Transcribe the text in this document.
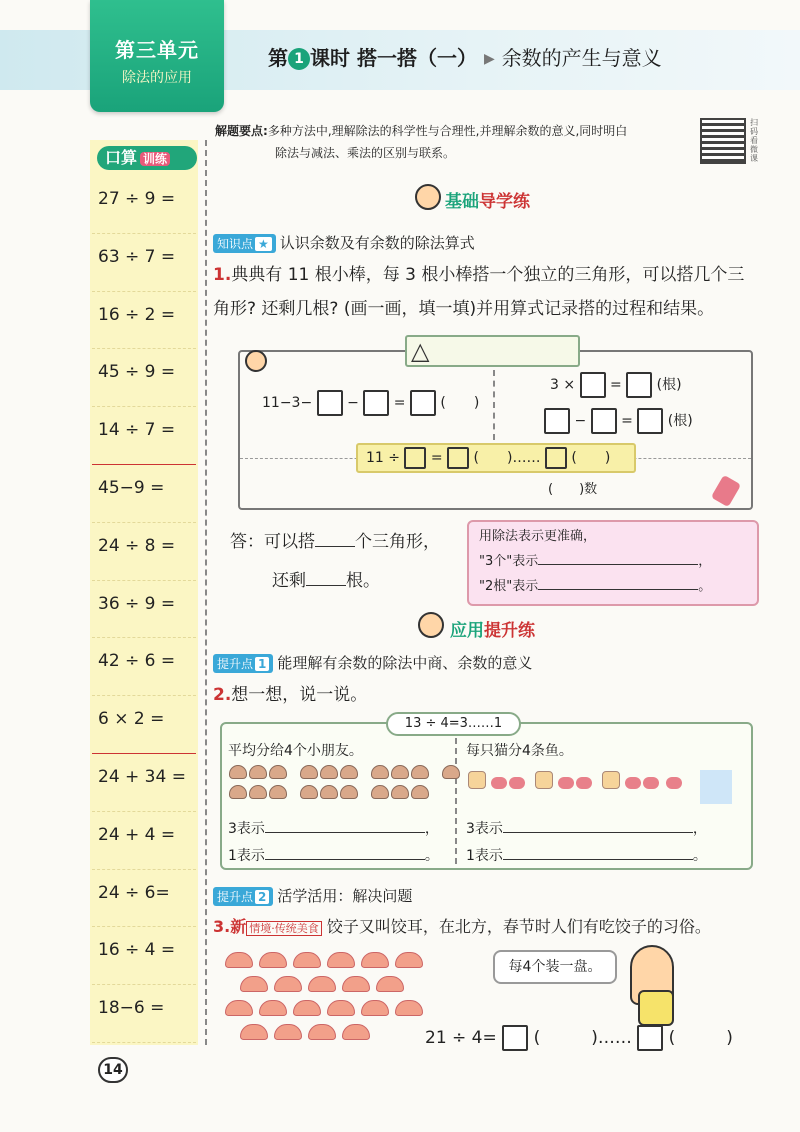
第三单元
除法的应用
第 1 课时 搭一搭（一） ▶ 余数的产生与意义
解题要点:多种方法中,理解除法的科学性与合理性,并理解余数的意义,同时明白
除法与减法、乘法的区别与联系。
扫码看微课
口算 训练
27 ÷ 9 =
63 ÷ 7 =
16 ÷ 2 =
45 ÷ 9 =
14 ÷ 7 =
45−9 =
24 ÷ 8 =
36 ÷ 9 =
42 ÷ 6 =
6 × 2 =
24 + 34 =
24 + 4 =
24 ÷ 6=
16 ÷ 4 =
18−6 =
基础导学练
知识点 ★ 认识余数及有余数的除法算式
1.典典有 11 根小棒，每 3 根小棒搭一个独立的三角形，可以搭几个三
角形? 还剩几根? (画一画，填一填)并用算式记录搭的过程和结果。
△
11−3− − = (　　)
3 × = (根)
− = (根)
11 ÷ = (　　)…… (　　)
(　　)数
答：可以搭 个三角形，
还剩 根。
用除法表示更准确，
"3个"表示	，
"2根"表示	。
应用提升练
提升点 1 能理解有余数的除法中商、余数的意义
2.想一想，说一说。
13 ÷ 4=3……1
平均分给4个小朋友。

3表示	，
1表示	。
每只猫分4条鱼。

3表示	，
1表示	。
提升点 2 活学活用：解决问题
3.新 情境·传统美食 饺子又叫饺耳，在北方，春节时人们有吃饺子的习俗。

每4个装一盘。
21 ÷ 4= (　　　)…… (　　　)
14
